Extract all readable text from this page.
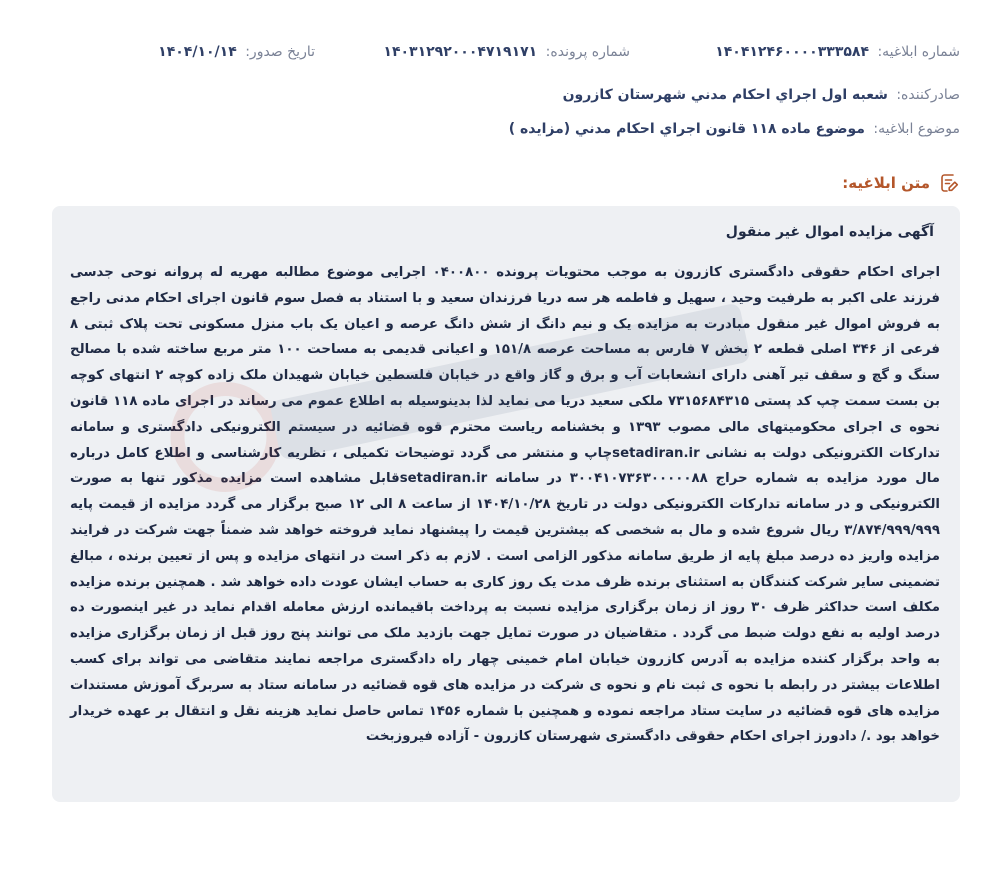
شماره ابلاغیه: ۱۴۰۴۱۲۴۶۰۰۰۰۳۳۳۵۸۴
شماره پرونده: ۱۴۰۳۱۲۹۲۰۰۰۴۷۱۹۱۷۱
تاریخ صدور: ۱۴۰۴/۱۰/۱۴
صادرکننده: شعبه اول اجراي احكام مدني شهرستان كازرون
موضوع ابلاغیه: موضوع ماده ۱۱۸ قانون اجراي احكام مدني (مزايده )
متن ابلاغیه:
آگهی مزایده اموال غیر منقول
اجرای احکام حقوقی دادگستری کازرون به موجب محتویات پرونده ۰۴۰۰۸۰۰ اجرایی موضوع مطالبه مهریه له پروانه نوحی جدسی فرزند علی اکبر به طرفیت وحید ، سهیل و فاطمه هر سه دریا فرزندان سعید و با استناد به فصل سوم قانون اجرای احکام مدنی راجع به فروش اموال غیر منقول مبادرت به مزایده یک و نیم دانگ از شش دانگ عرصه و اعیان یک باب منزل مسکونی تحت پلاک ثبتی ۸ فرعی از ۳۴۶ اصلی قطعه ۲ بخش ۷ فارس به مساحت عرصه ۱۵۱/۸ و اعیانی قدیمی به مساحت ۱۰۰ متر مربع ساخته شده با مصالح سنگ و گچ و سقف تیر آهنی دارای انشعابات آب و برق و گاز واقع در خیابان فلسطین خیابان شهیدان ملک زاده کوچه ۲ انتهای کوچه بن بست سمت چپ کد پستی ۷۳۱۵۶۸۴۳۱۵ ملکی سعید دریا می نماید لذا بدینوسیله به اطلاع عموم می رساند در اجرای ماده ۱۱۸ قانون نحوه ی اجرای محکومیتهای مالی مصوب ۱۳۹۳ و بخشنامه ریاست محترم قوه قضائیه در سیستم الکترونیکی دادگستری و سامانه تدارکات الکترونیکی دولت به نشانی setadiran.irچاپ و منتشر می گردد توضیحات تکمیلی ، نظریه کارشناسی و اطلاع کامل درباره مال مورد مزایده به شماره حراج ۳۰۰۴۱۰۷۳۶۳۰۰۰۰۰۸۸ در سامانه setadiran.irقابل مشاهده است مزایده مذکور تنها به صورت الکترونیکی و در سامانه تدارکات الکترونیکی دولت در تاریخ ۱۴۰۴/۱۰/۲۸ از ساعت ۸ الی ۱۲ صبح برگزار می گردد مزایده از قیمت پایه ۳/۸۷۴/۹۹۹/۹۹۹ ریال شروع شده و مال به شخصی که بیشترین قیمت را پیشنهاد نماید فروخته خواهد شد ضمناً جهت شرکت در فرایند مزایده واریز ده درصد مبلغ پایه از طریق سامانه مذکور الزامی است . لازم به ذکر است در انتهای مزایده و پس از تعیین برنده ، مبالغ تضمینی سایر شرکت کنندگان به استثنای برنده ظرف مدت یک روز کاری به حساب ایشان عودت داده خواهد شد . همچنین برنده مزایده مکلف است حداکثر ظرف ۳۰ روز از زمان برگزاری مزایده نسبت به پرداخت باقیمانده ارزش معامله اقدام نماید در غیر اینصورت ده درصد اولیه به نفع دولت ضبط می گردد . متقاضیان در صورت تمایل جهت بازدید ملک می توانند پنج روز قبل از زمان برگزاری مزایده به واحد برگزار کننده مزایده به آدرس کازرون خیابان امام خمینی چهار راه دادگستری مراجعه نمایند متقاضی می تواند برای کسب اطلاعات بیشتر در رابطه با نحوه ی ثبت نام و نحوه ی شرکت در مزایده های قوه قضائیه در سامانه ستاد به سربرگ آموزش مستندات مزایده های قوه قضائیه در سایت ستاد مراجعه نموده و همچنین با شماره ۱۴۵۶ تماس حاصل نماید هزینه نقل و انتقال بر عهده خریدار خواهد بود ./ دادورز اجرای احکام حقوقی دادگستری شهرستان کازرون - آزاده فیروزبخت
